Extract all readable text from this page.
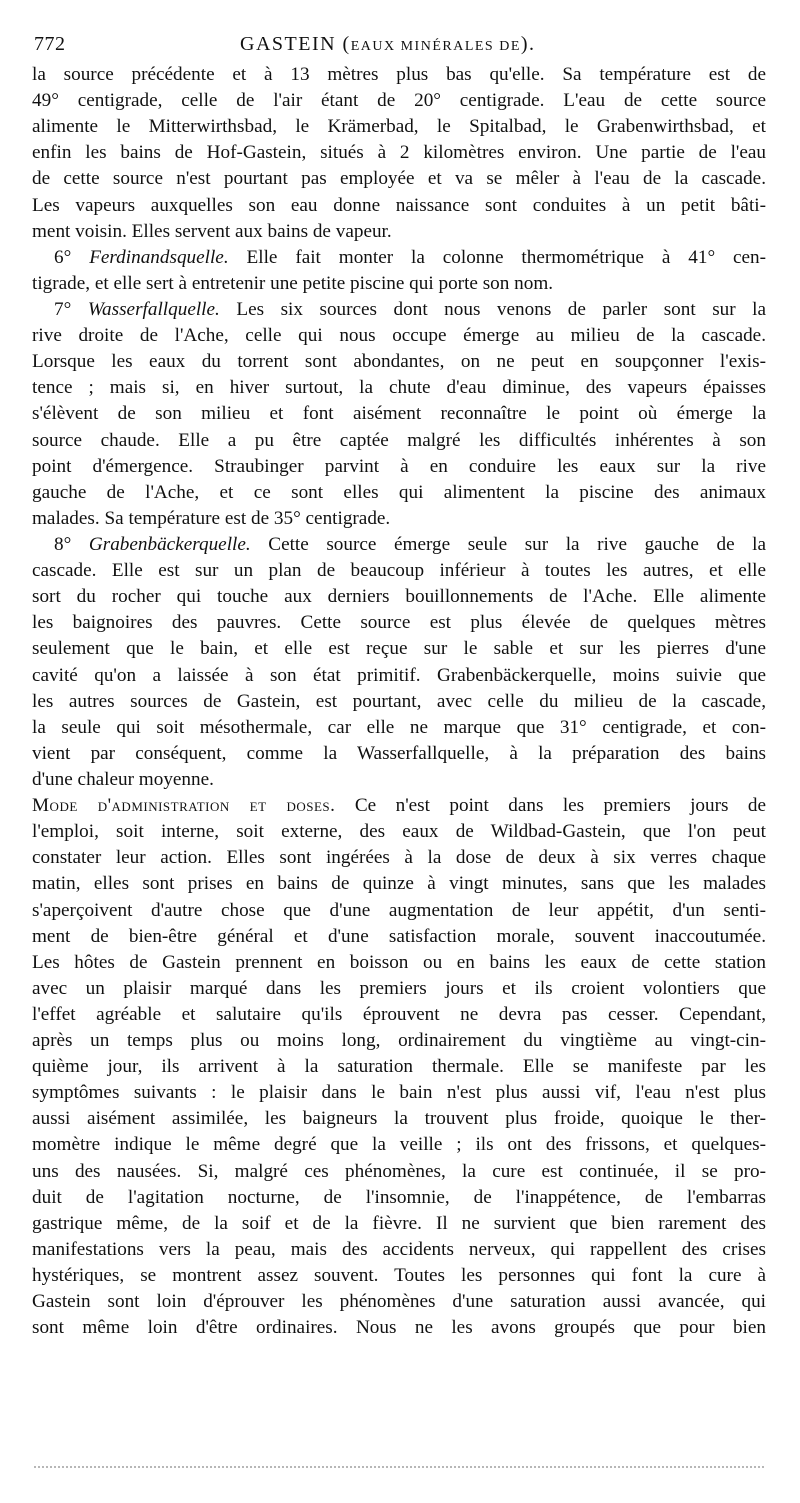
772	GASTEIN (EAUX MINÉRALES DE).
la source précédente et à 13 mètres plus bas qu'elle. Sa température est de
49° centigrade, celle de l'air étant de 20° centigrade. L'eau de cette source
alimente le Mitterwirthsbad, le Krämerbad, le Spitalbad, le Grabenwirthsbad, et
enfin les bains de Hof-Gastein, situés à 2 kilomètres environ. Une partie de l'eau
de cette source n'est pourtant pas employée et va se mêler à l'eau de la cascade.
Les vapeurs auxquelles son eau donne naissance sont conduites à un petit bâti-
ment voisin. Elles servent aux bains de vapeur.
6° Ferdinandsquelle. Elle fait monter la colonne thermométrique à 41° cen-
tigrade, et elle sert à entretenir une petite piscine qui porte son nom.
7° Wasserfallquelle. Les six sources dont nous venons de parler sont sur la
rive droite de l'Ache, celle qui nous occupe émerge au milieu de la cascade.
Lorsque les eaux du torrent sont abondantes, on ne peut en soupçonner l'exis-
tence ; mais si, en hiver surtout, la chute d'eau diminue, des vapeurs épaisses
s'élèvent de son milieu et font aisément reconnaître le point où émerge la
source chaude. Elle a pu être captée malgré les difficultés inhérentes à son
point d'émergence. Straubinger parvint à en conduire les eaux sur la rive
gauche de l'Ache, et ce sont elles qui alimentent la piscine des animaux
malades. Sa température est de 35° centigrade.
8° Grabenbäckerquelle. Cette source émerge seule sur la rive gauche de la
cascade. Elle est sur un plan de beaucoup inférieur à toutes les autres, et elle
sort du rocher qui touche aux derniers bouillonnements de l'Ache. Elle alimente
les baignoires des pauvres. Cette source est plus élevée de quelques mètres
seulement que le bain, et elle est reçue sur le sable et sur les pierres d'une
cavité qu'on a laissée à son état primitif. Grabenbäckerquelle, moins suivie que
les autres sources de Gastein, est pourtant, avec celle du milieu de la cascade,
la seule qui soit mésothermale, car elle ne marque que 31° centigrade, et con-
vient par conséquent, comme la Wasserfallquelle, à la préparation des bains
d'une chaleur moyenne.
Mode d'administration et doses. Ce n'est point dans les premiers jours de
l'emploi, soit interne, soit externe, des eaux de Wildbad-Gastein, que l'on peut
constater leur action. Elles sont ingérées à la dose de deux à six verres chaque
matin, elles sont prises en bains de quinze à vingt minutes, sans que les malades
s'aperçoivent d'autre chose que d'une augmentation de leur appétit, d'un senti-
ment de bien-être général et d'une satisfaction morale, souvent inaccoutumée.
Les hôtes de Gastein prennent en boisson ou en bains les eaux de cette station
avec un plaisir marqué dans les premiers jours et ils croient volontiers que
l'effet agréable et salutaire qu'ils éprouvent ne devra pas cesser. Cependant,
après un temps plus ou moins long, ordinairement du vingtième au vingt-cin-
quième jour, ils arrivent à la saturation thermale. Elle se manifeste par les
symptômes suivants : le plaisir dans le bain n'est plus aussi vif, l'eau n'est plus
aussi aisément assimilée, les baigneurs la trouvent plus froide, quoique le ther-
momètre indique le même degré que la veille ; ils ont des frissons, et quelques-
uns des nausées. Si, malgré ces phénomènes, la cure est continuée, il se pro-
duit de l'agitation nocturne, de l'insomnie, de l'inappétence, de l'embarras
gastrique même, de la soif et de la fièvre. Il ne survient que bien rarement des
manifestations vers la peau, mais des accidents nerveux, qui rappellent des crises
hystériques, se montrent assez souvent. Toutes les personnes qui font la cure à
Gastein sont loin d'éprouver les phénomènes d'une saturation aussi avancée, qui
sont même loin d'être ordinaires. Nous ne les avons groupés que pour bien
